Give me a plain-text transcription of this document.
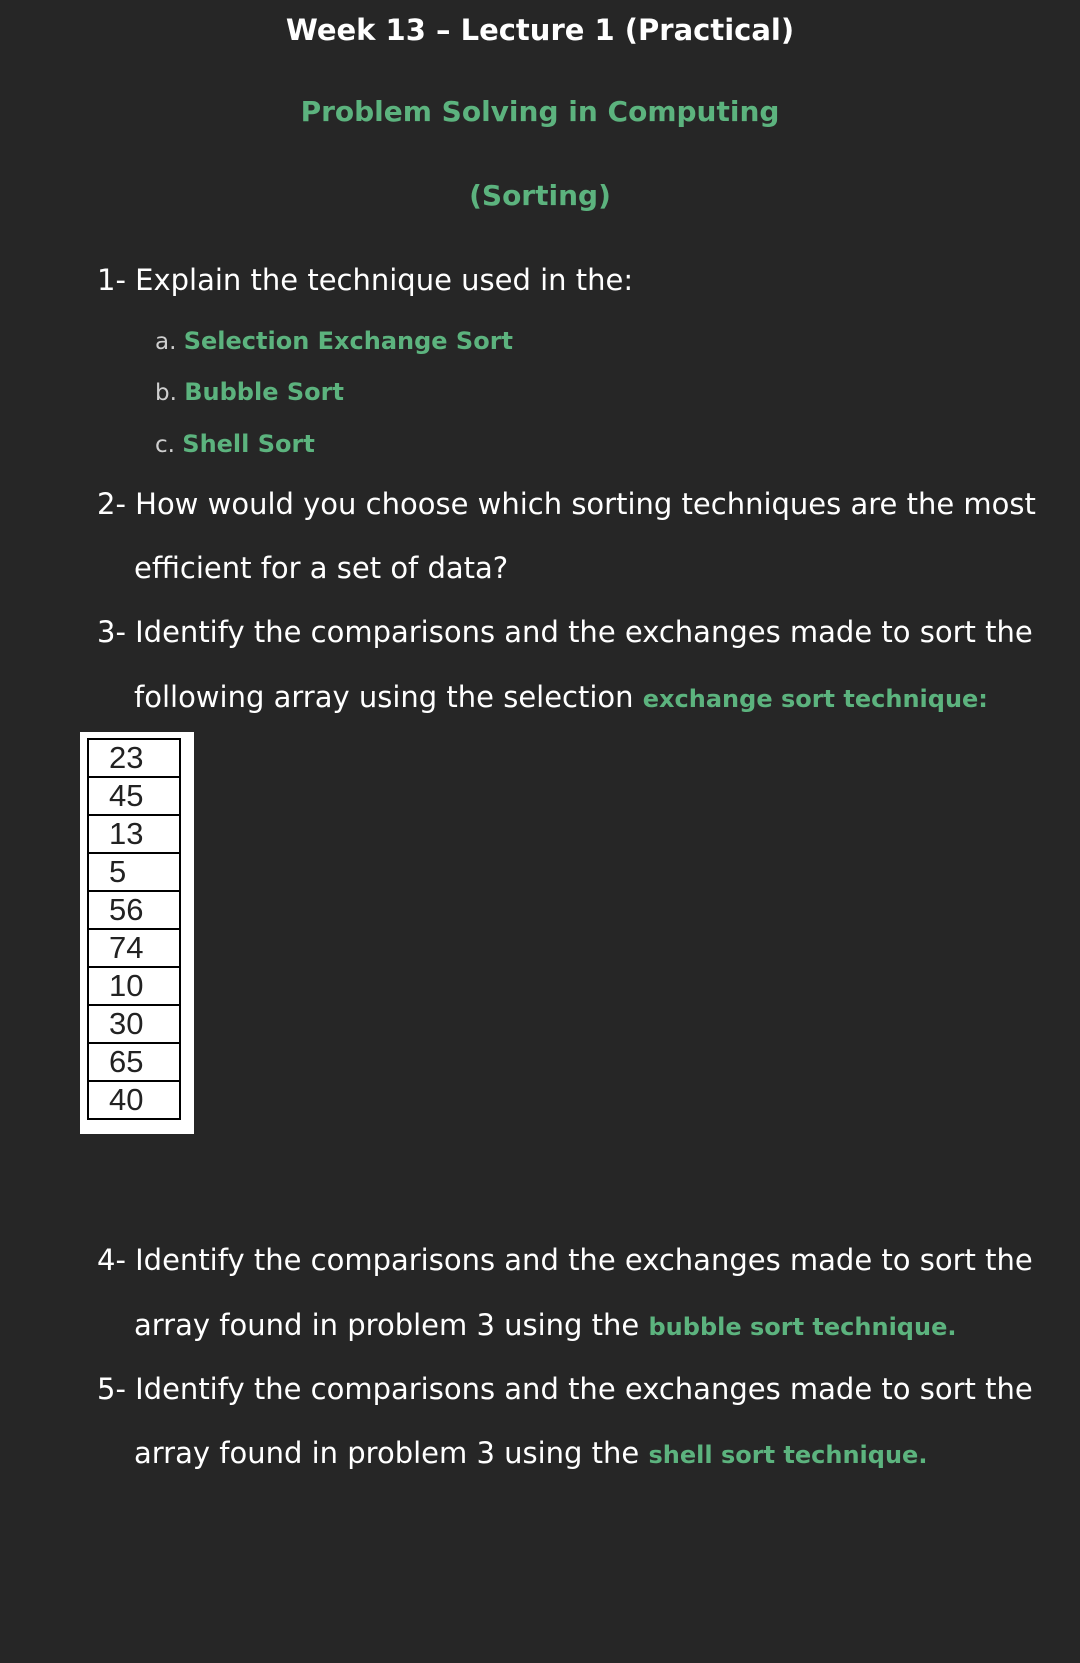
Week 13 – Lecture 1 (Practical)
Problem Solving in Computing
(Sorting)
1- Explain the technique used in the:
a. Selection Exchange Sort
b. Bubble Sort
c. Shell Sort
2- How would you choose which sorting techniques are the most
efficient for a set of data?
3- Identify the comparisons and the exchanges made to sort the
following array using the selection exchange sort technique:
23
45
13
5
56
74
10
30
65
40
4- Identify the comparisons and the exchanges made to sort the
array found in problem 3 using the bubble sort technique.
5- Identify the comparisons and the exchanges made to sort the
array found in problem 3 using the shell sort technique.
